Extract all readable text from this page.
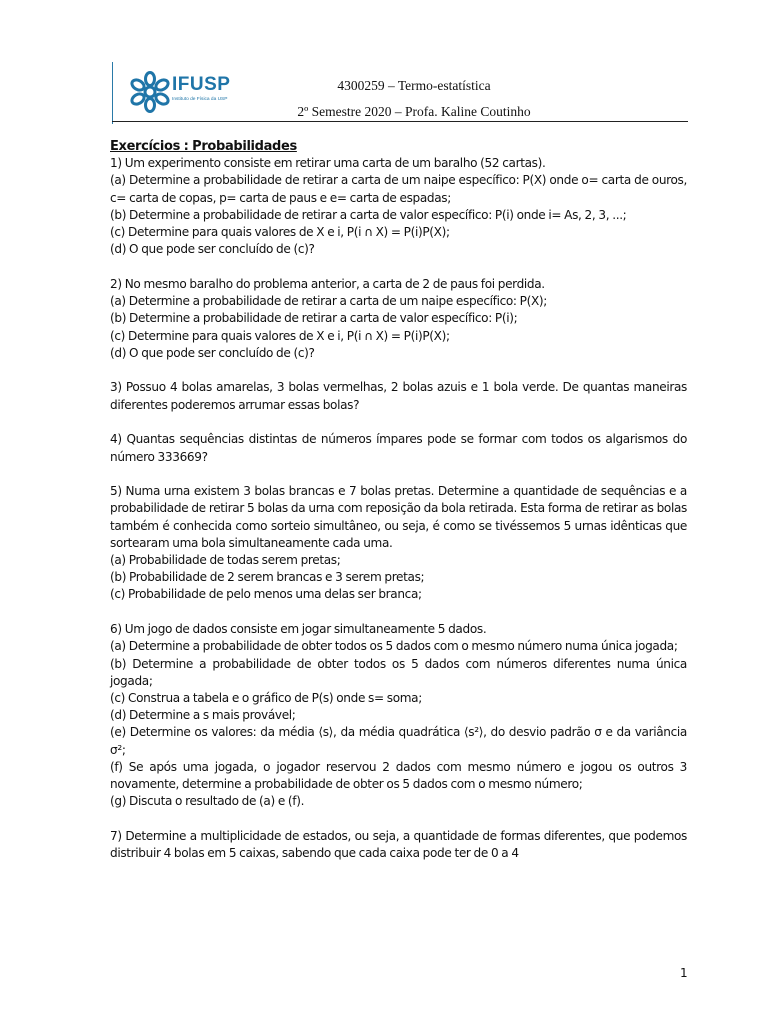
IFUSP
Instituto de Física da USP
4300259 – Termo-estatística
2º Semestre 2020 – Profa. Kaline Coutinho
Exercícios : Probabilidades

1) Um experimento consiste em retirar uma carta de um baralho (52 cartas).

(a) Determine a probabilidade de retirar a carta de um naipe específico: P(X) onde o= carta de ouros, c= carta de copas, p= carta de paus e e= carta de espadas;

(b) Determine a probabilidade de retirar a carta de valor específico: P(i) onde i= As, 2, 3, ...;

(c) Determine para quais valores de X e i, P(i ∩ X) = P(i)P(X);

(d) O que pode ser concluído de (c)?

2) No mesmo baralho do problema anterior, a carta de 2 de paus foi perdida.

(a) Determine a probabilidade de retirar a carta de um naipe específico: P(X);

(b) Determine a probabilidade de retirar a carta de valor específico: P(i);

(c) Determine para quais valores de X e i, P(i ∩ X) = P(i)P(X);

(d) O que pode ser concluído de (c)?

3) Possuo 4 bolas amarelas, 3 bolas vermelhas, 2 bolas azuis e 1 bola verde. De quantas maneiras diferentes poderemos arrumar essas bolas?

4) Quantas sequências distintas de números ímpares pode se formar com todos os algarismos do número 333669?

5) Numa urna existem 3 bolas brancas e 7 bolas pretas. Determine a quantidade de sequências e a probabilidade de retirar 5 bolas da urna com reposição da bola retirada. Esta forma de retirar as bolas também é conhecida como sorteio simultâneo, ou seja, é como se tivéssemos 5 urnas idênticas que sortearam uma bola simultaneamente cada uma.

(a) Probabilidade de todas serem pretas;

(b) Probabilidade de 2 serem brancas e 3 serem pretas;

(c) Probabilidade de pelo menos uma delas ser branca;

6) Um jogo de dados consiste em jogar simultaneamente 5 dados.

(a) Determine a probabilidade de obter todos os 5 dados com o mesmo número numa única jogada;

(b) Determine a probabilidade de obter todos os 5 dados com números diferentes numa única jogada;

(c) Construa a tabela e o gráfico de P(s) onde s= soma;

(d) Determine a s mais provável;

(e) Determine os valores: da média ⟨s⟩, da média quadrática ⟨s²⟩, do desvio padrão σ e da variância σ²;

(f) Se após uma jogada, o jogador reservou 2 dados com mesmo número e jogou os outros 3 novamente, determine a probabilidade de obter os 5 dados com o mesmo número;

(g) Discuta o resultado de (a) e (f).

7) Determine a multiplicidade de estados, ou seja, a quantidade de formas diferentes, que podemos distribuir 4 bolas em 5 caixas, sabendo que cada caixa pode ter de 0 a 4

1
